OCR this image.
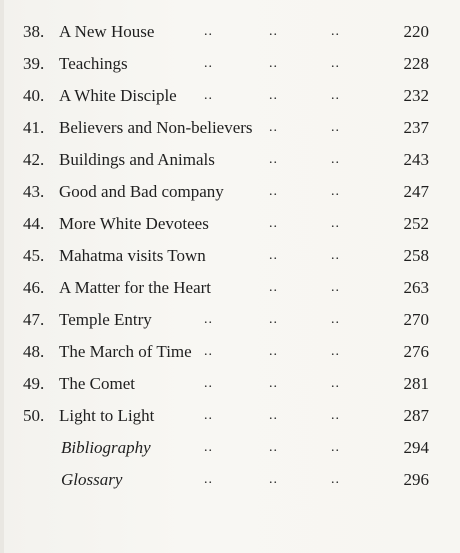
38. A New House	..	..	..	220
39. Teachings	..	..	..	228
40. A White Disciple ..	..	..	232
41. Believers and Non-believers ..	..	237
42. Buildings and Animals	..	..	243
43. Good and Bad company	..	..	247
44. More White Devotees	..	..	252
45. Mahatma visits Town	..	..	258
46. A Matter for the Heart	..	..	263
47. Temple Entry	..	..	..	270
48. The March of Time ..	..	..	276
49. The Comet	..	..	..	281
50. Light to Light	..	..	..	287
Bibliography	..	..	..	294
Glossary	..	..	..	296
